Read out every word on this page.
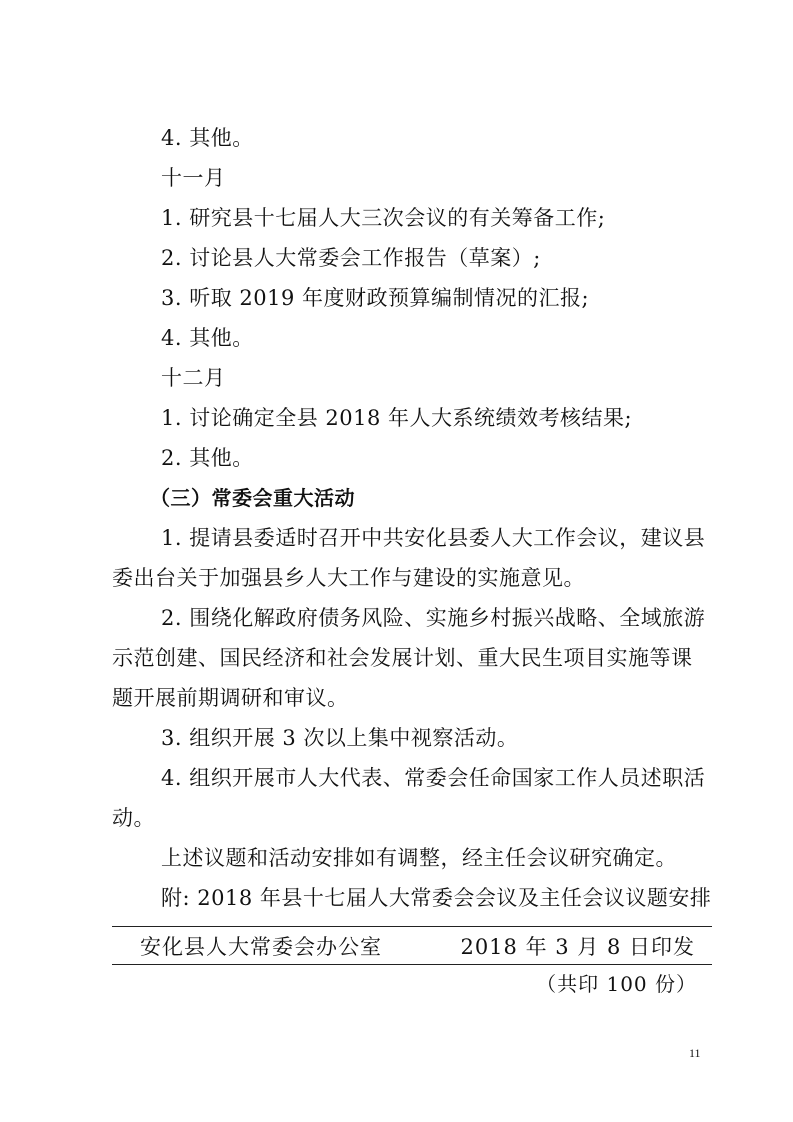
4. 其他。
十一月
1. 研究县十七届人大三次会议的有关筹备工作;
2. 讨论县人大常委会工作报告（草案）;
3. 听取 2019 年度财政预算编制情况的汇报;
4. 其他。
十二月
1. 讨论确定全县 2018 年人大系统绩效考核结果;
2. 其他。
（三）常委会重大活动
1. 提请县委适时召开中共安化县委人大工作会议，建议县
委出台关于加强县乡人大工作与建设的实施意见。
2. 围绕化解政府债务风险、实施乡村振兴战略、全域旅游
示范创建、国民经济和社会发展计划、重大民生项目实施等课
题开展前期调研和审议。
3. 组织开展 3 次以上集中视察活动。
4. 组织开展市人大代表、常委会任命国家工作人员述职活
动。
上述议题和活动安排如有调整，经主任会议研究确定。
附: 2018 年县十七届人大常委会会议及主任会议议题安排
安化县人大常委会办公室	2018 年 3 月 8 日印发
（共印 100 份）
11
